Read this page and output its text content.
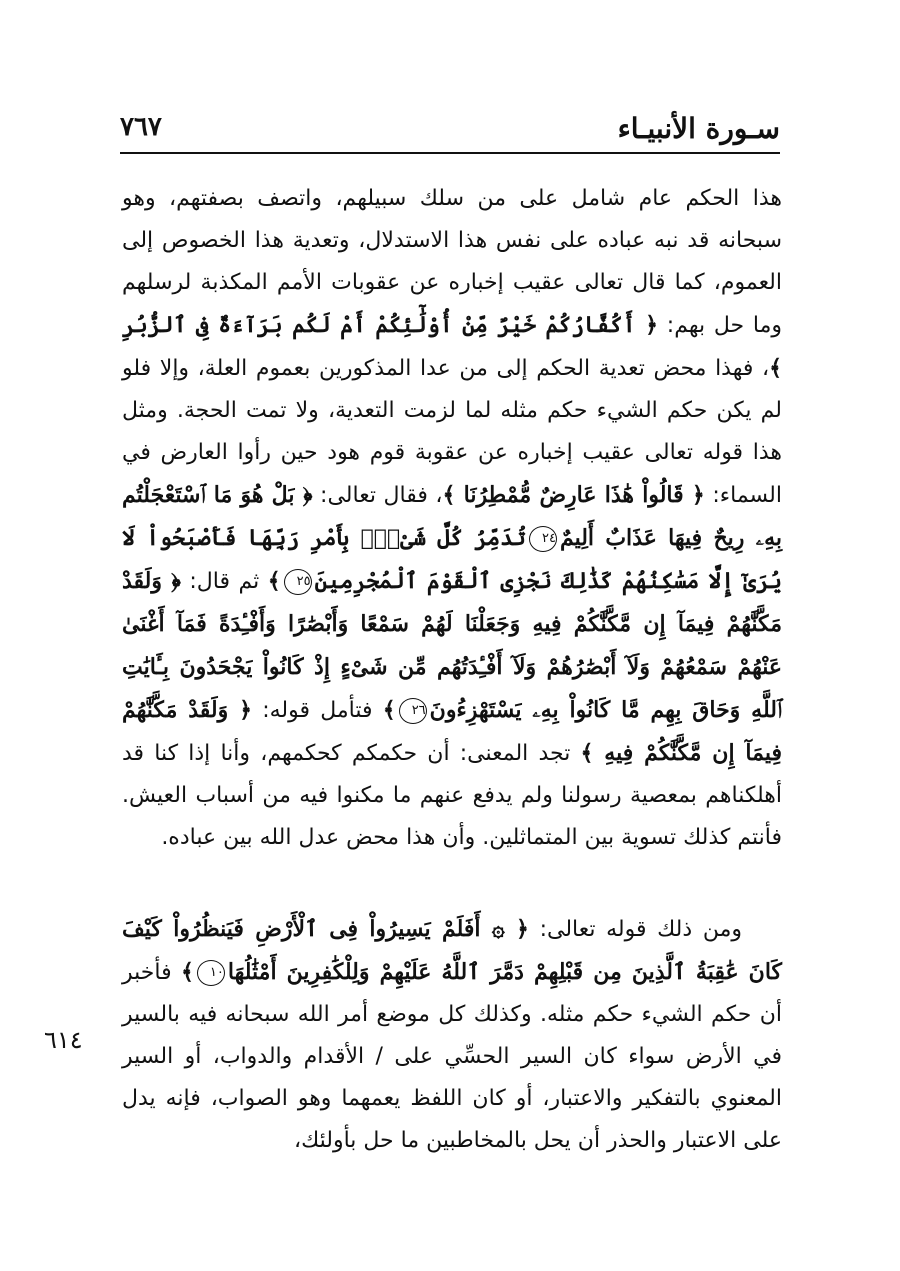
سـورة الأنبيـاء
٧٦٧
هذا الحكم عام شامل على من سلك سبيلهم، واتصف بصفتهم، وهو سبحانه قد نبه عباده على نفس هذا الاستدلال، وتعدية هذا الخصوص إلى العموم، كما قال تعالى عقيب إخباره عن عقوبات الأمم المكذبة لرسلهم وما حل بهم: ﴿ أَكُفَّارُكُمْ خَيْرٌ مِّنْ أُوْلَٰٓئِكُمْ أَمْ لَكُم بَرَآءَةٌ فِى ٱلزُّبُرِ ﴾، فهذا محض تعدية الحكم إلى من عدا المذكورين بعموم العلة، وإلا فلو لم يكن حكم الشيء حكم مثله لما لزمت التعدية، ولا تمت الحجة. ومثل هذا قوله تعالى عقيب إخباره عن عقوبة قوم هود حين رأوا العارض في السماء: ﴿ قَالُواْ هَٰذَا عَارِضٌ مُّمْطِرُنَا ﴾، فقال تعالى: ﴿ بَلْ هُوَ مَا ٱسْتَعْجَلْتُم بِهِۦ رِيحٌ فِيهَا عَذَابٌ أَلِيمٌ٢٤تُدَمِّرُ كُلَّ شَىْءٍۭ بِأَمْرِ رَبِّهَا فَأَصْبَحُواْ لَا يُرَىٰٓ إِلَّا مَسَٰكِنُهُمْ كَذَٰلِكَ نَجْزِى ٱلْقَوْمَ ٱلْمُجْرِمِينَ٢٥﴾ ثم قال: ﴿ وَلَقَدْ مَكَّنَّٰهُمْ فِيمَآ إِن مَّكَّنَّٰكُمْ فِيهِ وَجَعَلْنَا لَهُمْ سَمْعًا وَأَبْصَٰرًا وَأَفْـِٔدَةً فَمَآ أَغْنَىٰ عَنْهُمْ سَمْعُهُمْ وَلَآ أَبْصَٰرُهُمْ وَلَآ أَفْـِٔدَتُهُم مِّن شَىْءٍ إِذْ كَانُواْ يَجْحَدُونَ بِـَٔايَٰتِ ٱللَّهِ وَحَاقَ بِهِم مَّا كَانُواْ بِهِۦ يَسْتَهْزِءُونَ٢٦﴾ فتأمل قوله: ﴿ وَلَقَدْ مَكَّنَّٰهُمْ فِيمَآ إِن مَّكَّنَّٰكُمْ فِيهِ ﴾ تجد المعنى: أن حكمكم كحكمهم، وأنا إذا كنا قد أهلكناهم بمعصية رسولنا ولم يدفع عنهم ما مكنوا فيه من أسباب العيش. فأنتم كذلك تسوية بين المتماثلين. وأن هذا محض عدل الله بين عباده.
ومن ذلك قوله تعالى: ﴿ ۞ أَفَلَمْ يَسِيرُواْ فِى ٱلْأَرْضِ فَيَنظُرُواْ كَيْفَ كَانَ عَٰقِبَةُ ٱلَّذِينَ مِن قَبْلِهِمْ دَمَّرَ ٱللَّهُ عَلَيْهِمْ وَلِلْكَٰفِرِينَ أَمْثَٰلُهَا١٠﴾ فأخبر أن حكم الشيء حكم مثله. وكذلك كل موضع أمر الله سبحانه فيه بالسير في الأرض سواء كان السير الحسِّي على / الأقدام والدواب، أو السير المعنوي بالتفكير والاعتبار، أو كان اللفظ يعمهما وهو الصواب، فإنه يدل على الاعتبار والحذر أن يحل بالمخاطبين ما حل بأولئك،
٦١٤
